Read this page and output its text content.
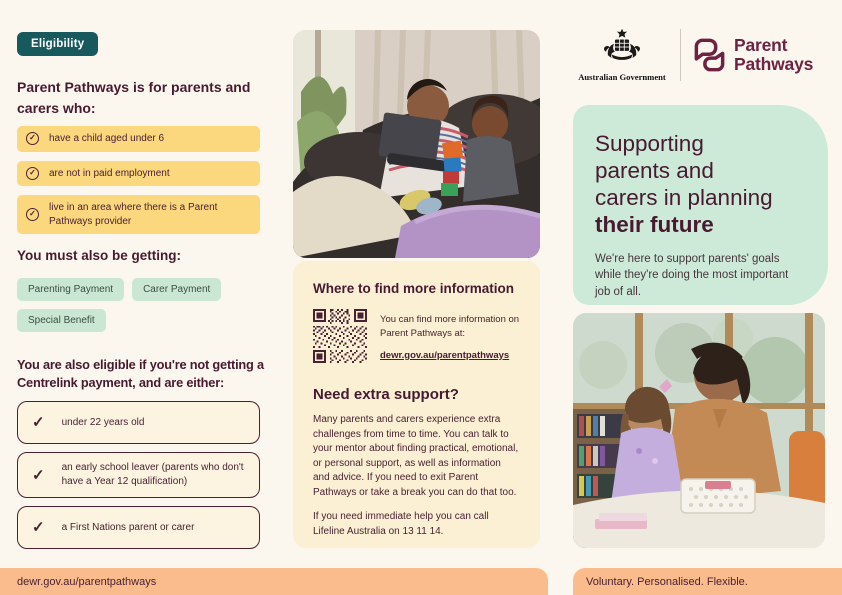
Eligibility
Parent Pathways is for parents and carers who:
✓	have a child aged under 6
✓	are not in paid employment
✓
live in an area where there is a Parent Pathways provider
You must also be getting:
Parenting Payment	Carer Payment
Special Benefit
You are also eligible if you're not getting a Centrelink payment, and are either:
✓ under 22 years old
✓ an early school leaver (parents who don't have a Year 12 qualification)
✓ a First Nations parent or carer
Where to find more information
You can find more information on Parent Pathways at:
dewr.gov.au/parentpathways
Need extra support?

Many parents and carers experience extra challenges from time to time. You can talk to your mentor about finding practical, emotional, or personal support, as well as information and advice. If you need to exit Parent Pathways or take a break you can do that too.

If you need immediate help you can call Lifeline Australia on 13 11 14.

Australian Government
Parent
Pathways
Supporting
parents and
carers in planning
their future
We're here to support parents' goals while they're doing the most important job of all.
dewr.gov.au/parentpathways	Voluntary. Personalised. Flexible.
